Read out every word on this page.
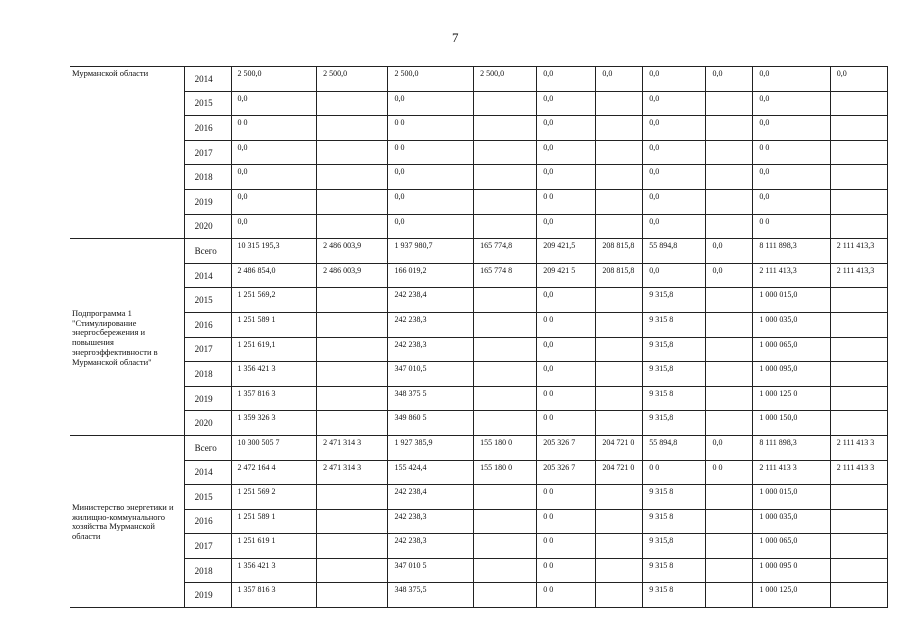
7
Мурманской области	2014	2 500,0	2 500,0	2 500,0	2 500,0	0,0	0,0	0,0	0,0	0,0	0,0
	2015	0,0		0,0		0,0		0,0		0,0	
	2016	0 0		0 0		0,0		0,0		0,0	
	2017	0,0		0 0		0,0		0,0		0 0	
	2018	0,0		0,0		0,0		0,0		0,0	
	2019	0,0		0,0		0 0		0,0		0,0	
	2020	0,0		0,0		0,0		0,0		0 0	
Подпрограмма 1 "Стимулирование энергосбережения и повышения энергоэффективности в Мурманской области"	Всего	10 315 195,3	2 486 003,9	1 937 980,7	165 774,8	209 421,5	208 815,8	55 894,8	0,0	8 111 898,3	2 111 413,3
	2014	2 486 854,0	2 486 003,9	166 019,2	165 774 8	209 421 5	208 815,8	0,0	0,0	2 111 413,3	2 111 413,3
	2015	1 251 569,2		242 238,4		0,0		9 315,8		1 000 015,0	
	2016	1 251 589 1		242 238,3		0 0		9 315 8		1 000 035,0	
	2017	1 251 619,1		242 238,3		0,0		9 315,8		1 000 065,0	
	2018	1 356 421 3		347 010,5		0,0		9 315,8		1 000 095,0	
	2019	1 357 816 3		348 375 5		0 0		9 315 8		1 000 125 0	
	2020	1 359 326 3		349 860 5		0 0		9 315,8		1 000 150,0	
Министерство энергетики и жилищно-коммунального хозяйства Мурманской области	Всего	10 300 505 7	2 471 314 3	1 927 385,9	155 180 0	205 326 7	204 721 0	55 894,8	0,0	8 111 898,3	2 111 413 3
	2014	2 472 164 4	2 471 314 3	155 424,4	155 180 0	205 326 7	204 721 0	0 0	0 0	2 111 413 3	2 111 413 3
	2015	1 251 569 2		242 238,4		0 0		9 315 8		1 000 015,0	
	2016	1 251 589 1		242 238,3		0 0		9 315 8		1 000 035,0	
	2017	1 251 619 1		242 238,3		0 0		9 315,8		1 000 065,0	
	2018	1 356 421 3		347 010 5		0 0		9 315 8		1 000 095 0	
	2019	1 357 816 3		348 375,5		0 0		9 315 8		1 000 125,0	
